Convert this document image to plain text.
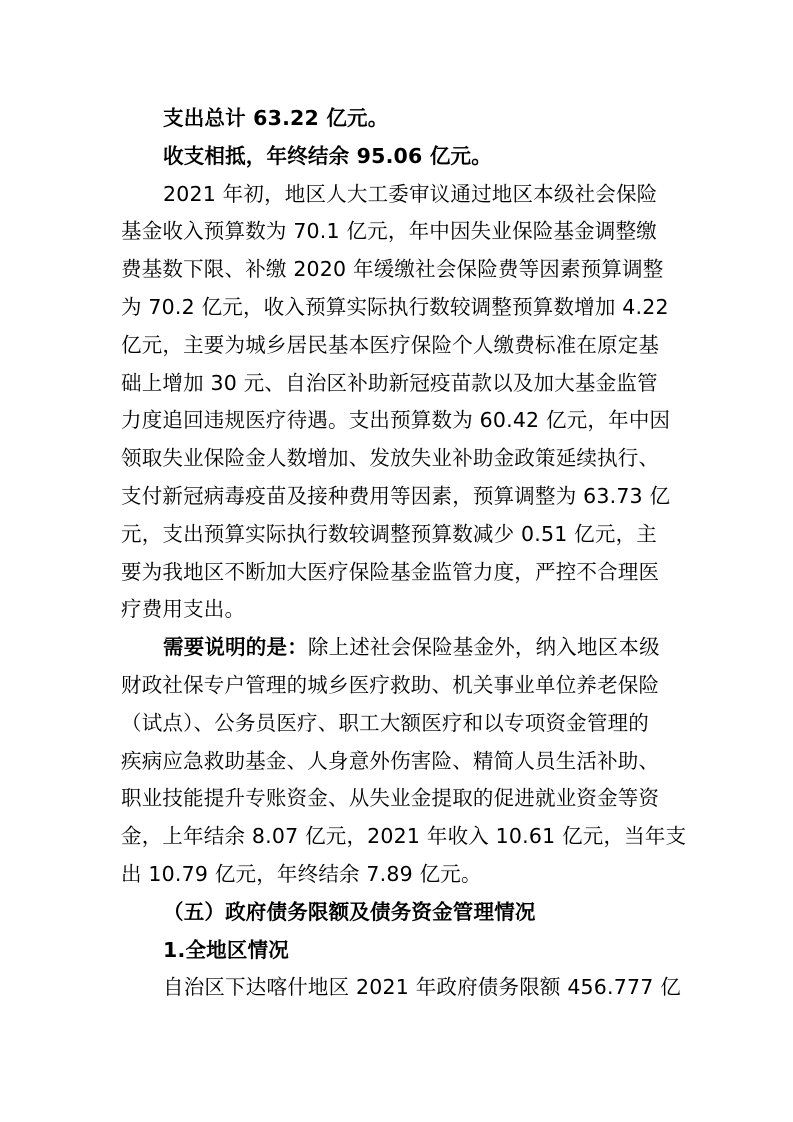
支出总计 63.22 亿元。
收支相抵，年终结余 95.06 亿元。
2021 年初，地区人大工委审议通过地区本级社会保险
基金收入预算数为 70.1 亿元，年中因失业保险基金调整缴
费基数下限、补缴 2020 年缓缴社会保险费等因素预算调整
为 70.2 亿元，收入预算实际执行数较调整预算数增加 4.22
亿元，主要为城乡居民基本医疗保险个人缴费标准在原定基
础上增加 30 元、自治区补助新冠疫苗款以及加大基金监管
力度追回违规医疗待遇。支出预算数为 60.42 亿元，年中因
领取失业保险金人数增加、发放失业补助金政策延续执行、
支付新冠病毒疫苗及接种费用等因素，预算调整为 63.73 亿
元，支出预算实际执行数较调整预算数减少 0.51 亿元，主
要为我地区不断加大医疗保险基金监管力度，严控不合理医
疗费用支出。
需要说明的是：除上述社会保险基金外，纳入地区本级
财政社保专户管理的城乡医疗救助、机关事业单位养老保险
（试点）、公务员医疗、职工大额医疗和以专项资金管理的
疾病应急救助基金、人身意外伤害险、精简人员生活补助、
职业技能提升专账资金、从失业金提取的促进就业资金等资
金，上年结余 8.07 亿元，2021 年收入 10.61 亿元，当年支
出 10.79 亿元，年终结余 7.89 亿元。
（五）政府债务限额及债务资金管理情况
1.全地区情况
自治区下达喀什地区 2021 年政府债务限额 456.777 亿
